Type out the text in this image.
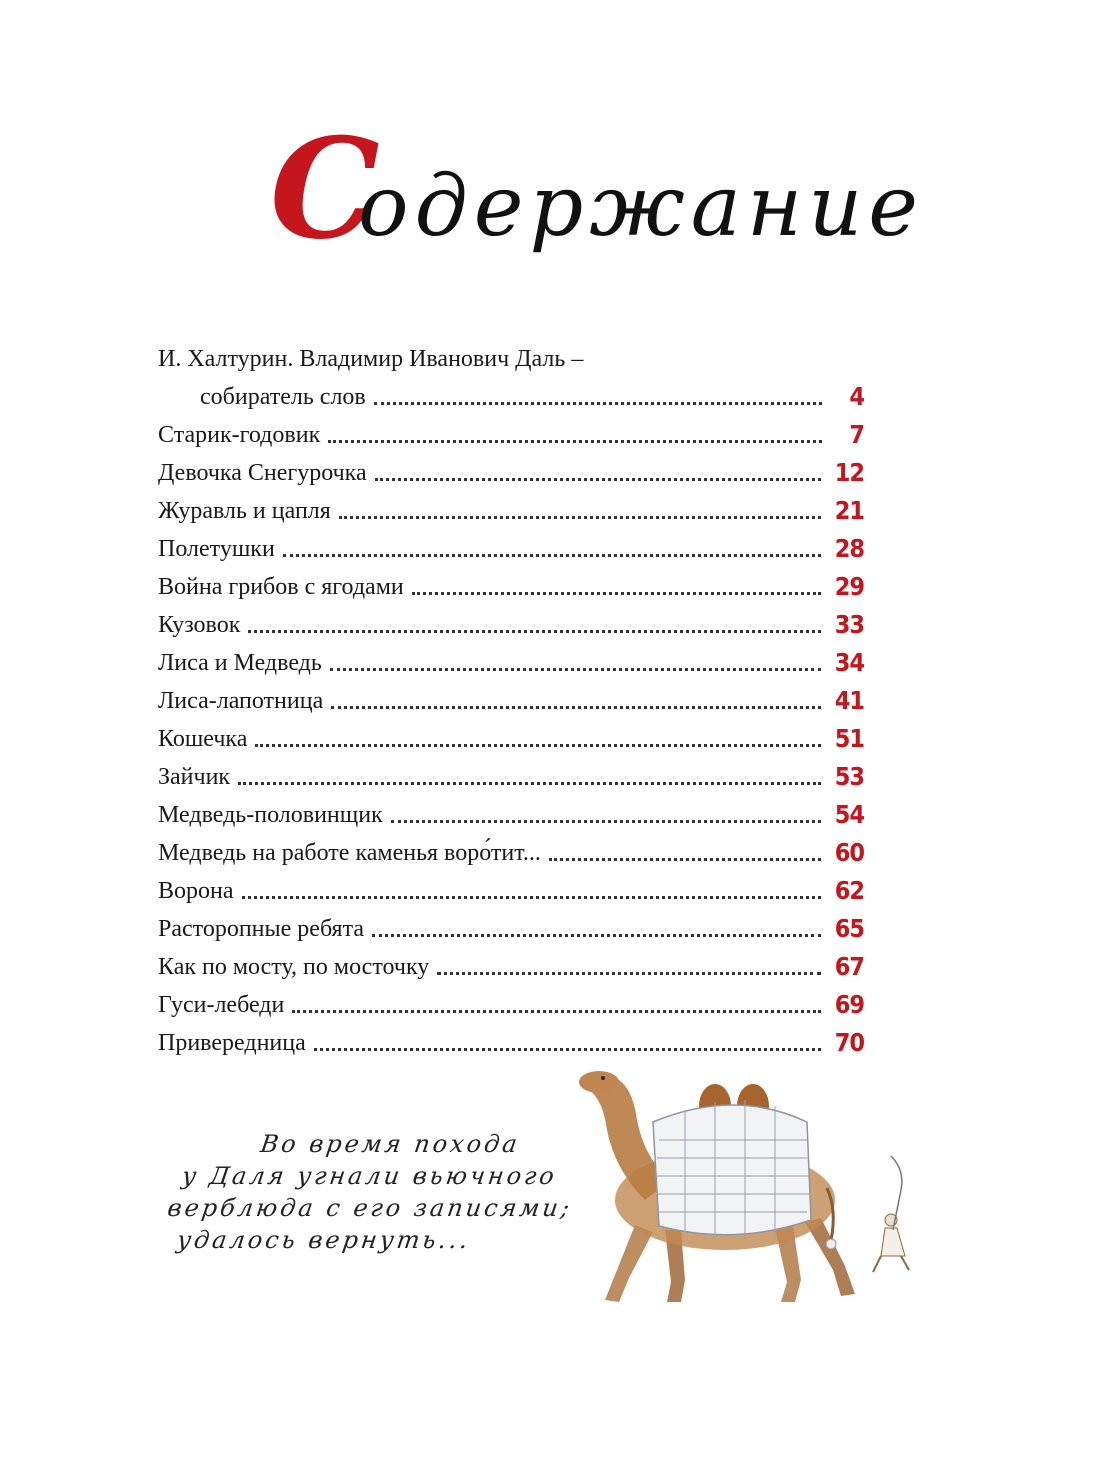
С
одержание
И. Халтурин. Владимир Иванович Даль –
собиратель слов	4
Старик-годовик	7
Девочка Снегурочка	12
Журавль и цапля	21
Полетушки	28
Война грибов с ягодами	29
Кузовок	33
Лиса и Медведь	34
Лиса-лапотница	41
Кошечка	51
Зайчик	53
Медведь-половинщик	54
Медведь на работе каменья воро́тит...	60
Ворона	62
Расторопные ребята	65
Как по мосту, по мосточку	67
Гуси-лебеди	69
Привередница	70
Во время похода
у Даля угнали вьючного
верблюда с его записями;
удалось вернуть...
